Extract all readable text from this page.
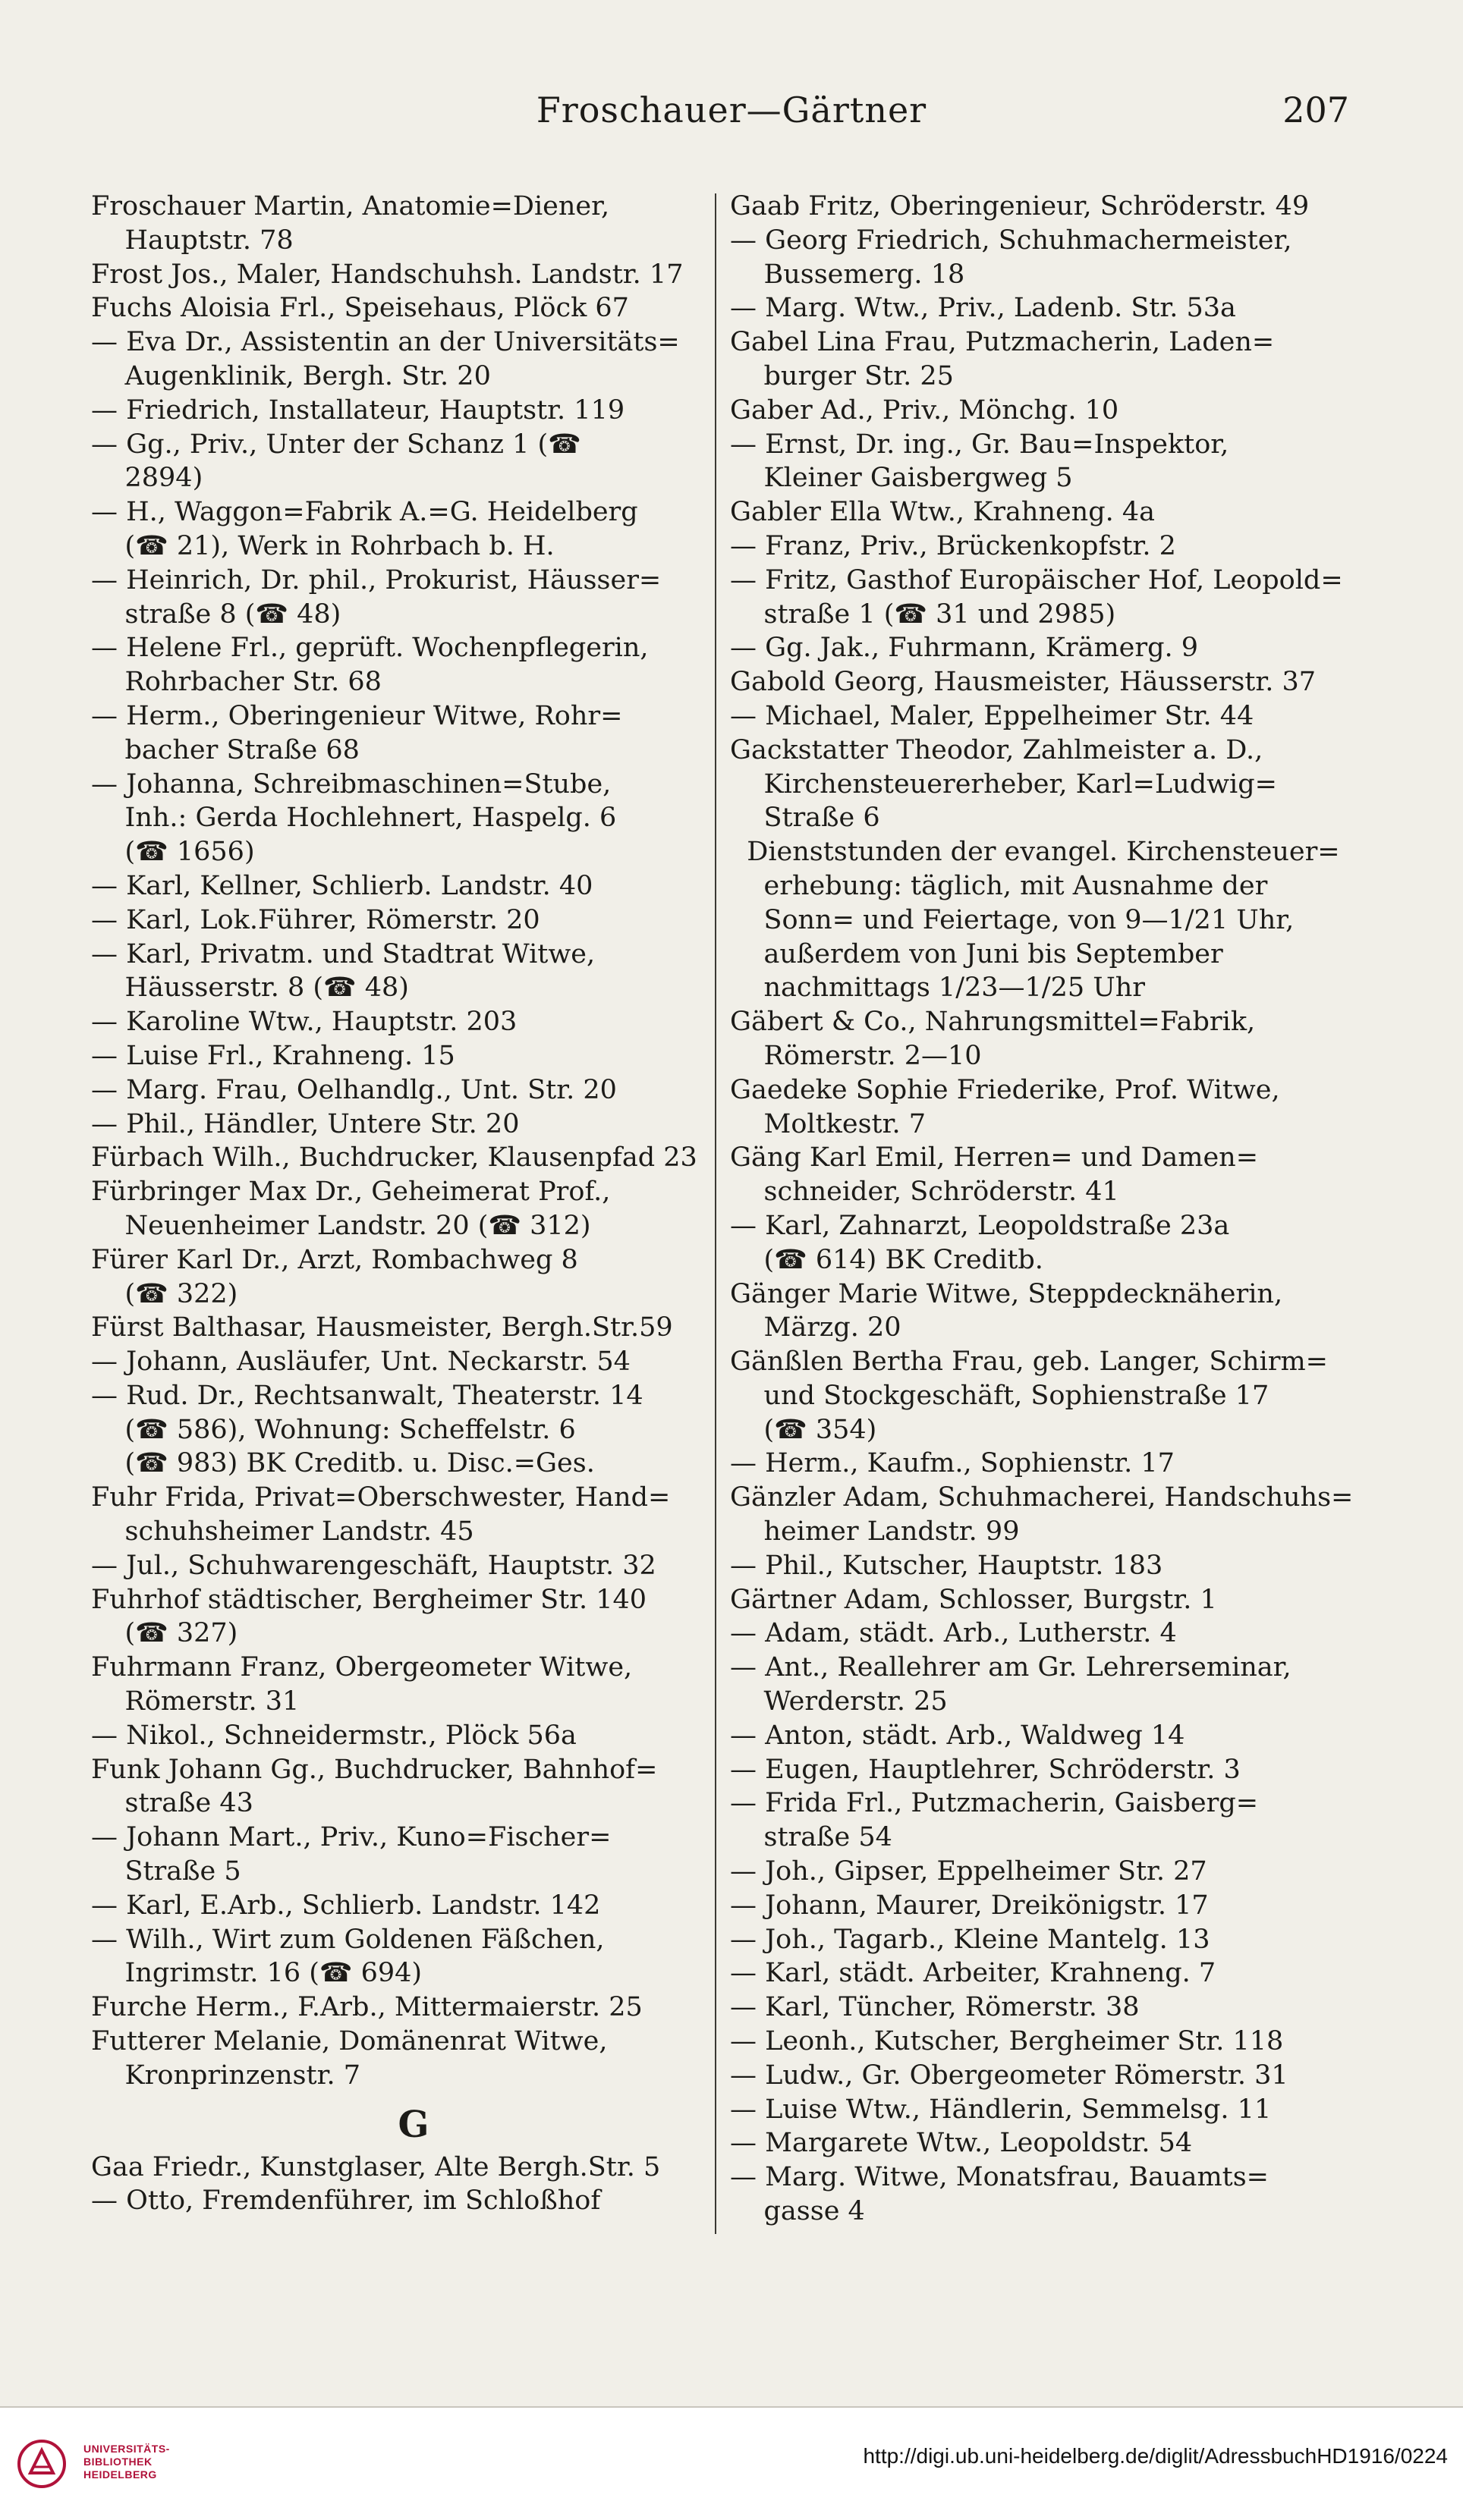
Froschauer—Gärtner	207

Froschauer Martin, Anatomie=Diener,

Hauptstr. 78

Frost Jos., Maler, Handschuhsh. Landstr. 17

Fuchs Aloisia Frl., Speisehaus, Plöck 67

— Eva Dr., Assistentin an der Universitäts=

Augenklinik, Bergh. Str. 20

— Friedrich, Installateur, Hauptstr. 119

— Gg., Priv., Unter der Schanz 1 (☎

2894)

— H., Waggon=Fabrik A.=G. Heidelberg

(☎ 21), Werk in Rohrbach b. H.

— Heinrich, Dr. phil., Prokurist, Häusser=

straße 8 (☎ 48)

— Helene Frl., geprüft. Wochenpflegerin,

Rohrbacher Str. 68

— Herm., Oberingenieur Witwe, Rohr=

bacher Straße 68

— Johanna, Schreibmaschinen=Stube,

Inh.: Gerda Hochlehnert, Haspelg. 6

(☎ 1656)

— Karl, Kellner, Schlierb. Landstr. 40

— Karl, Lok.Führer, Römerstr. 20

— Karl, Privatm. und Stadtrat Witwe,

Häusserstr. 8 (☎ 48)

— Karoline Wtw., Hauptstr. 203

— Luise Frl., Krahneng. 15

— Marg. Frau, Oelhandlg., Unt. Str. 20

— Phil., Händler, Untere Str. 20

Fürbach Wilh., Buchdrucker, Klausenpfad 23

Fürbringer Max Dr., Geheimerat Prof.,

Neuenheimer Landstr. 20 (☎ 312)

Fürer Karl Dr., Arzt, Rombachweg 8

(☎ 322)

Fürst Balthasar, Hausmeister, Bergh.Str.59

— Johann, Ausläufer, Unt. Neckarstr. 54

— Rud. Dr., Rechtsanwalt, Theaterstr. 14

(☎ 586), Wohnung: Scheffelstr. 6

(☎ 983) BK Creditb. u. Disc.=Ges.

Fuhr Frida, Privat=Oberschwester, Hand=

schuhsheimer Landstr. 45

— Jul., Schuhwarengeschäft, Hauptstr. 32

Fuhrhof städtischer, Bergheimer Str. 140

(☎ 327)

Fuhrmann Franz, Obergeometer Witwe,

Römerstr. 31

— Nikol., Schneidermstr., Plöck 56a

Funk Johann Gg., Buchdrucker, Bahnhof=

straße 43

— Johann Mart., Priv., Kuno=Fischer=

Straße 5

— Karl, E.Arb., Schlierb. Landstr. 142

— Wilh., Wirt zum Goldenen Fäßchen,

Ingrimstr. 16 (☎ 694)

Furche Herm., F.Arb., Mittermaierstr. 25

Futterer Melanie, Domänenrat Witwe,

Kronprinzenstr. 7

G

Gaa Friedr., Kunstglaser, Alte Bergh.Str. 5

— Otto, Fremdenführer, im Schloßhof

Gaab Fritz, Oberingenieur, Schröderstr. 49

— Georg Friedrich, Schuhmachermeister,

Bussemerg. 18

— Marg. Wtw., Priv., Ladenb. Str. 53a

Gabel Lina Frau, Putzmacherin, Laden=

burger Str. 25

Gaber Ad., Priv., Mönchg. 10

— Ernst, Dr. ing., Gr. Bau=Inspektor,

Kleiner Gaisbergweg 5

Gabler Ella Wtw., Krahneng. 4a

— Franz, Priv., Brückenkopfstr. 2

— Fritz, Gasthof Europäischer Hof, Leopold=

straße 1 (☎ 31 und 2985)

— Gg. Jak., Fuhrmann, Krämerg. 9

Gabold Georg, Hausmeister, Häusserstr. 37

— Michael, Maler, Eppelheimer Str. 44

Gackstatter Theodor, Zahlmeister a. D.,

Kirchensteuererheber, Karl=Ludwig=

Straße 6

Dienststunden der evangel. Kirchensteuer=

erhebung: täglich, mit Ausnahme der

Sonn= und Feiertage, von 9—1/21 Uhr,

außerdem von Juni bis September

nachmittags 1/23—1/25 Uhr

Gäbert & Co., Nahrungsmittel=Fabrik,

Römerstr. 2—10

Gaedeke Sophie Friederike, Prof. Witwe,

Moltkestr. 7

Gäng Karl Emil, Herren= und Damen=

schneider, Schröderstr. 41

— Karl, Zahnarzt, Leopoldstraße 23a

(☎ 614) BK Creditb.

Gänger Marie Witwe, Steppdecknäherin,

Märzg. 20

Gänßlen Bertha Frau, geb. Langer, Schirm=

und Stockgeschäft, Sophienstraße 17

(☎ 354)

— Herm., Kaufm., Sophienstr. 17

Gänzler Adam, Schuhmacherei, Handschuhs=

heimer Landstr. 99

— Phil., Kutscher, Hauptstr. 183

Gärtner Adam, Schlosser, Burgstr. 1

— Adam, städt. Arb., Lutherstr. 4

— Ant., Reallehrer am Gr. Lehrerseminar,

Werderstr. 25

— Anton, städt. Arb., Waldweg 14

— Eugen, Hauptlehrer, Schröderstr. 3

— Frida Frl., Putzmacherin, Gaisberg=

straße 54

— Joh., Gipser, Eppelheimer Str. 27

— Johann, Maurer, Dreikönigstr. 17

— Joh., Tagarb., Kleine Mantelg. 13

— Karl, städt. Arbeiter, Krahneng. 7

— Karl, Tüncher, Römerstr. 38

— Leonh., Kutscher, Bergheimer Str. 118

— Ludw., Gr. Obergeometer Römerstr. 31

— Luise Wtw., Händlerin, Semmelsg. 11

— Margarete Wtw., Leopoldstr. 54

— Marg. Witwe, Monatsfrau, Bauamts=

gasse 4

UNIVERSITÄTS-
BIBLIOTHEK
HEIDELBERG
http://digi.ub.uni-heidelberg.de/diglit/AdressbuchHD1916/0224
